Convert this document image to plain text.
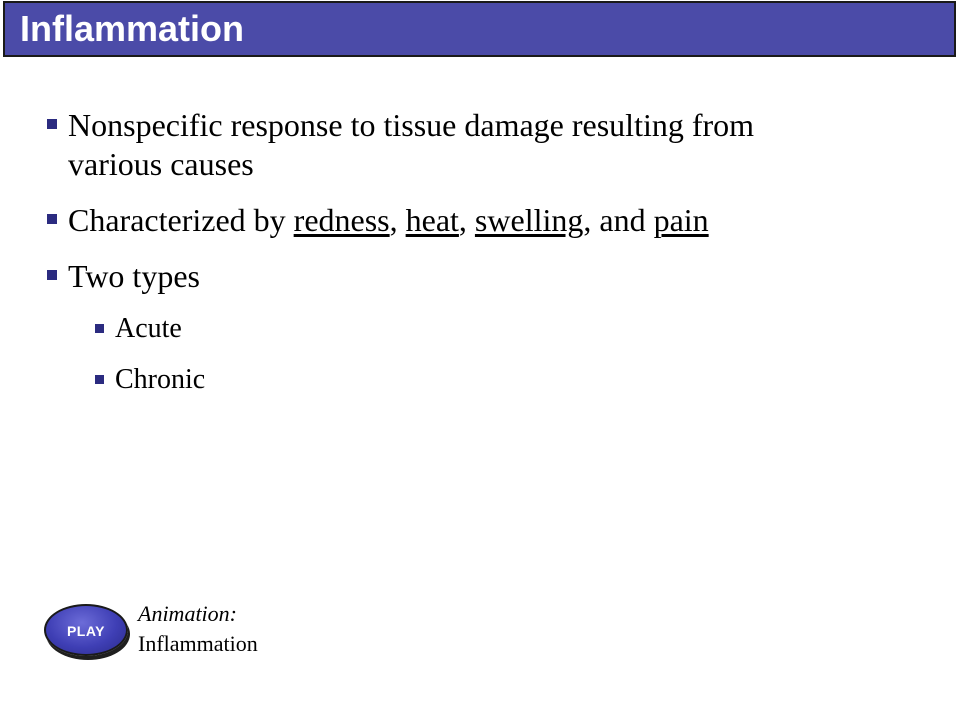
Inflammation
Nonspecific response to tissue damage resulting from
various causes
Characterized by redness, heat, swelling, and pain
Two types
Acute
Chronic
PLAY
Animation:
Inflammation
